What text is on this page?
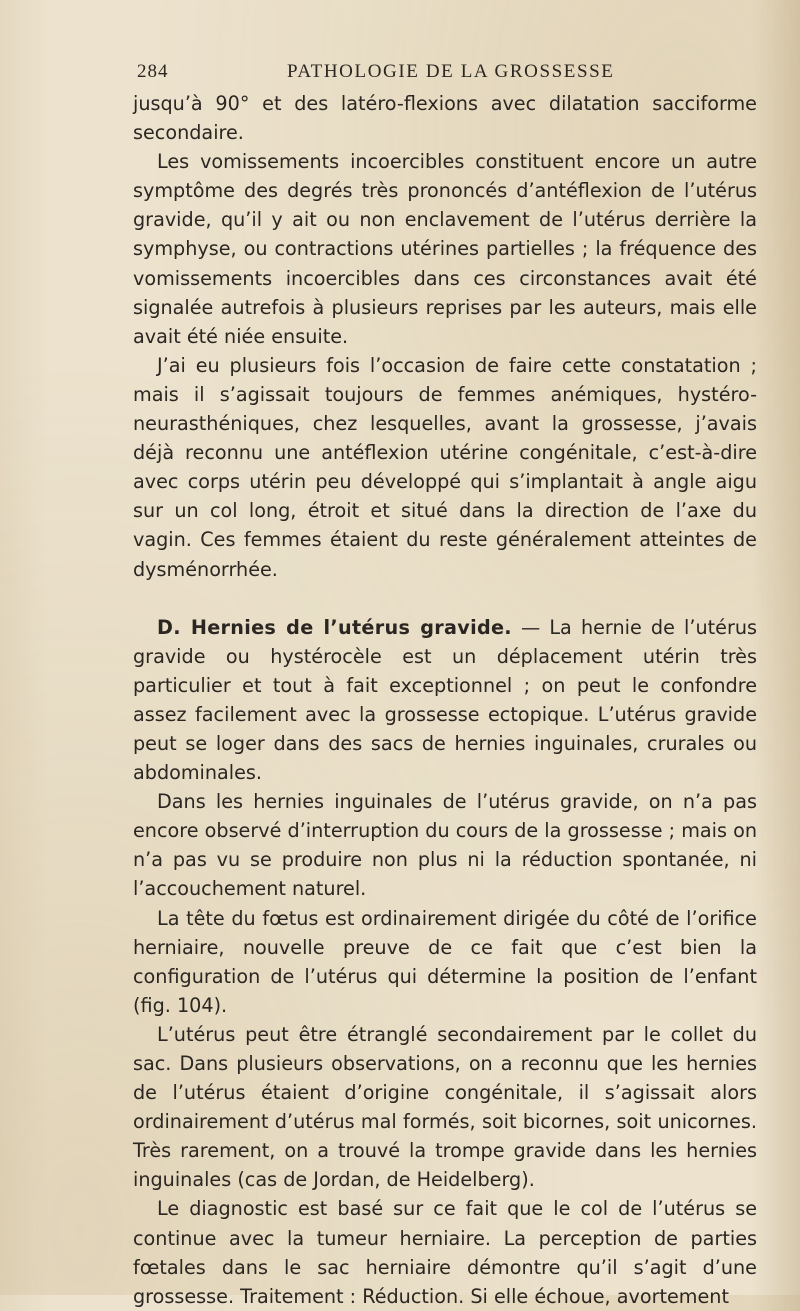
284	PATHOLOGIE DE LA GROSSESSE

jusqu’à 90° et des latéro-flexions avec dilatation sacciforme secondaire.

Les vomissements incoercibles constituent encore un autre symptôme des degrés très prononcés d’antéflexion de l’utérus gravide, qu’il y ait ou non enclavement de l’utérus derrière la symphyse, ou contractions utérines partielles ; la fréquence des vomissements incoercibles dans ces circonstances avait été signalée autrefois à plusieurs reprises par les auteurs, mais elle avait été niée ensuite.

J’ai eu plusieurs fois l’occasion de faire cette constatation ; mais il s’agissait toujours de femmes anémiques, hystéro-neurasthéniques, chez lesquelles, avant la grossesse, j’avais déjà reconnu une antéflexion utérine congénitale, c’est-à-dire avec corps utérin peu développé qui s’implantait à angle aigu sur un col long, étroit et situé dans la direction de l’axe du vagin. Ces femmes étaient du reste généralement atteintes de dysménorrhée.

D. Hernies de l’utérus gravide. — La hernie de l’utérus gravide ou hystérocèle est un déplacement utérin très particulier et tout à fait exceptionnel ; on peut le confondre assez facilement avec la grossesse ectopique. L’utérus gravide peut se loger dans des sacs de hernies inguinales, crurales ou abdominales.

Dans les hernies inguinales de l’utérus gravide, on n’a pas encore observé d’interruption du cours de la grossesse ; mais on n’a pas vu se produire non plus ni la réduction spontanée, ni l’accouchement naturel.

La tête du fœtus est ordinairement dirigée du côté de l’orifice herniaire, nouvelle preuve de ce fait que c’est bien la configuration de l’utérus qui détermine la position de l’enfant (fig. 104).

L’utérus peut être étranglé secondairement par le collet du sac. Dans plusieurs observations, on a reconnu que les hernies de l’utérus étaient d’origine congénitale, il s’agissait alors ordinairement d’utérus mal formés, soit bicornes, soit unicornes. Très rarement, on a trouvé la trompe gravide dans les hernies inguinales (cas de Jordan, de Heidelberg).

Le diagnostic est basé sur ce fait que le col de l’utérus se continue avec la tumeur herniaire. La perception de parties fœtales dans le sac herniaire démontre qu’il s’agit d’une grossesse. Traitement : Réduction. Si elle échoue, avortement
